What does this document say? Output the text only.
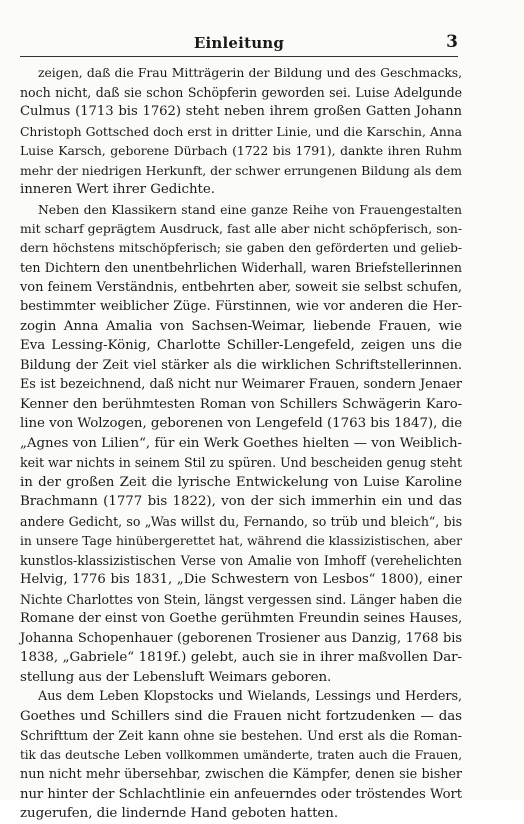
Einleitung	3
zeigen, daß die Frau Mitträgerin der Bildung und des Geschmacks,
noch nicht, daß sie schon Schöpferin geworden sei. Luise Adelgunde
Culmus (1713 bis 1762) steht neben ihrem großen Gatten Johann
Christoph Gottsched doch erst in dritter Linie, und die Karschin, Anna
Luise Karsch, geborene Dürbach (1722 bis 1791), dankte ihren Ruhm
mehr der niedrigen Herkunft, der schwer errungenen Bildung als dem
inneren Wert ihrer Gedichte.
Neben den Klassikern stand eine ganze Reihe von Frauengestalten
mit scharf geprägtem Ausdruck, fast alle aber nicht schöpferisch, son-
dern höchstens mitschöpferisch; sie gaben den geförderten und gelieb-
ten Dichtern den unentbehrlichen Widerhall, waren Briefstellerinnen
von feinem Verständnis, entbehrten aber, soweit sie selbst schufen,
bestimmter weiblicher Züge. Fürstinnen, wie vor anderen die Her-
zogin Anna Amalia von Sachsen-Weimar, liebende Frauen, wie
Eva Lessing-König, Charlotte Schiller-Lengefeld, zeigen uns die
Bildung der Zeit viel stärker als die wirklichen Schriftstellerinnen.
Es ist bezeichnend, daß nicht nur Weimarer Frauen, sondern Jenaer
Kenner den berühmtesten Roman von Schillers Schwägerin Karo-
line von Wolzogen, geborenen von Lengefeld (1763 bis 1847), die
„Agnes von Lilien“, für ein Werk Goethes hielten — von Weiblich-
keit war nichts in seinem Stil zu spüren. Und bescheiden genug steht
in der großen Zeit die lyrische Entwickelung von Luise Karoline
Brachmann (1777 bis 1822), von der sich immerhin ein und das
andere Gedicht, so „Was willst du, Fernando, so trüb und bleich“, bis
in unsere Tage hinübergerettet hat, während die klassizistischen, aber
kunstlos-klassizistischen Verse von Amalie von Imhoff (verehelichten
Helvig, 1776 bis 1831, „Die Schwestern von Lesbos“ 1800), einer
Nichte Charlottes von Stein, längst vergessen sind. Länger haben die
Romane der einst von Goethe gerühmten Freundin seines Hauses,
Johanna Schopenhauer (geborenen Trosiener aus Danzig, 1768 bis
1838, „Gabriele“ 1819f.) gelebt, auch sie in ihrer maßvollen Dar-
stellung aus der Lebensluft Weimars geboren.
Aus dem Leben Klopstocks und Wielands, Lessings und Herders,
Goethes und Schillers sind die Frauen nicht fortzudenken — das
Schrifttum der Zeit kann ohne sie bestehen. Und erst als die Roman-
tik das deutsche Leben vollkommen umänderte, traten auch die Frauen,
nun nicht mehr übersehbar, zwischen die Kämpfer, denen sie bisher
nur hinter der Schlachtlinie ein anfeuerndes oder tröstendes Wort
zugerufen, die lindernde Hand geboten hatten.
